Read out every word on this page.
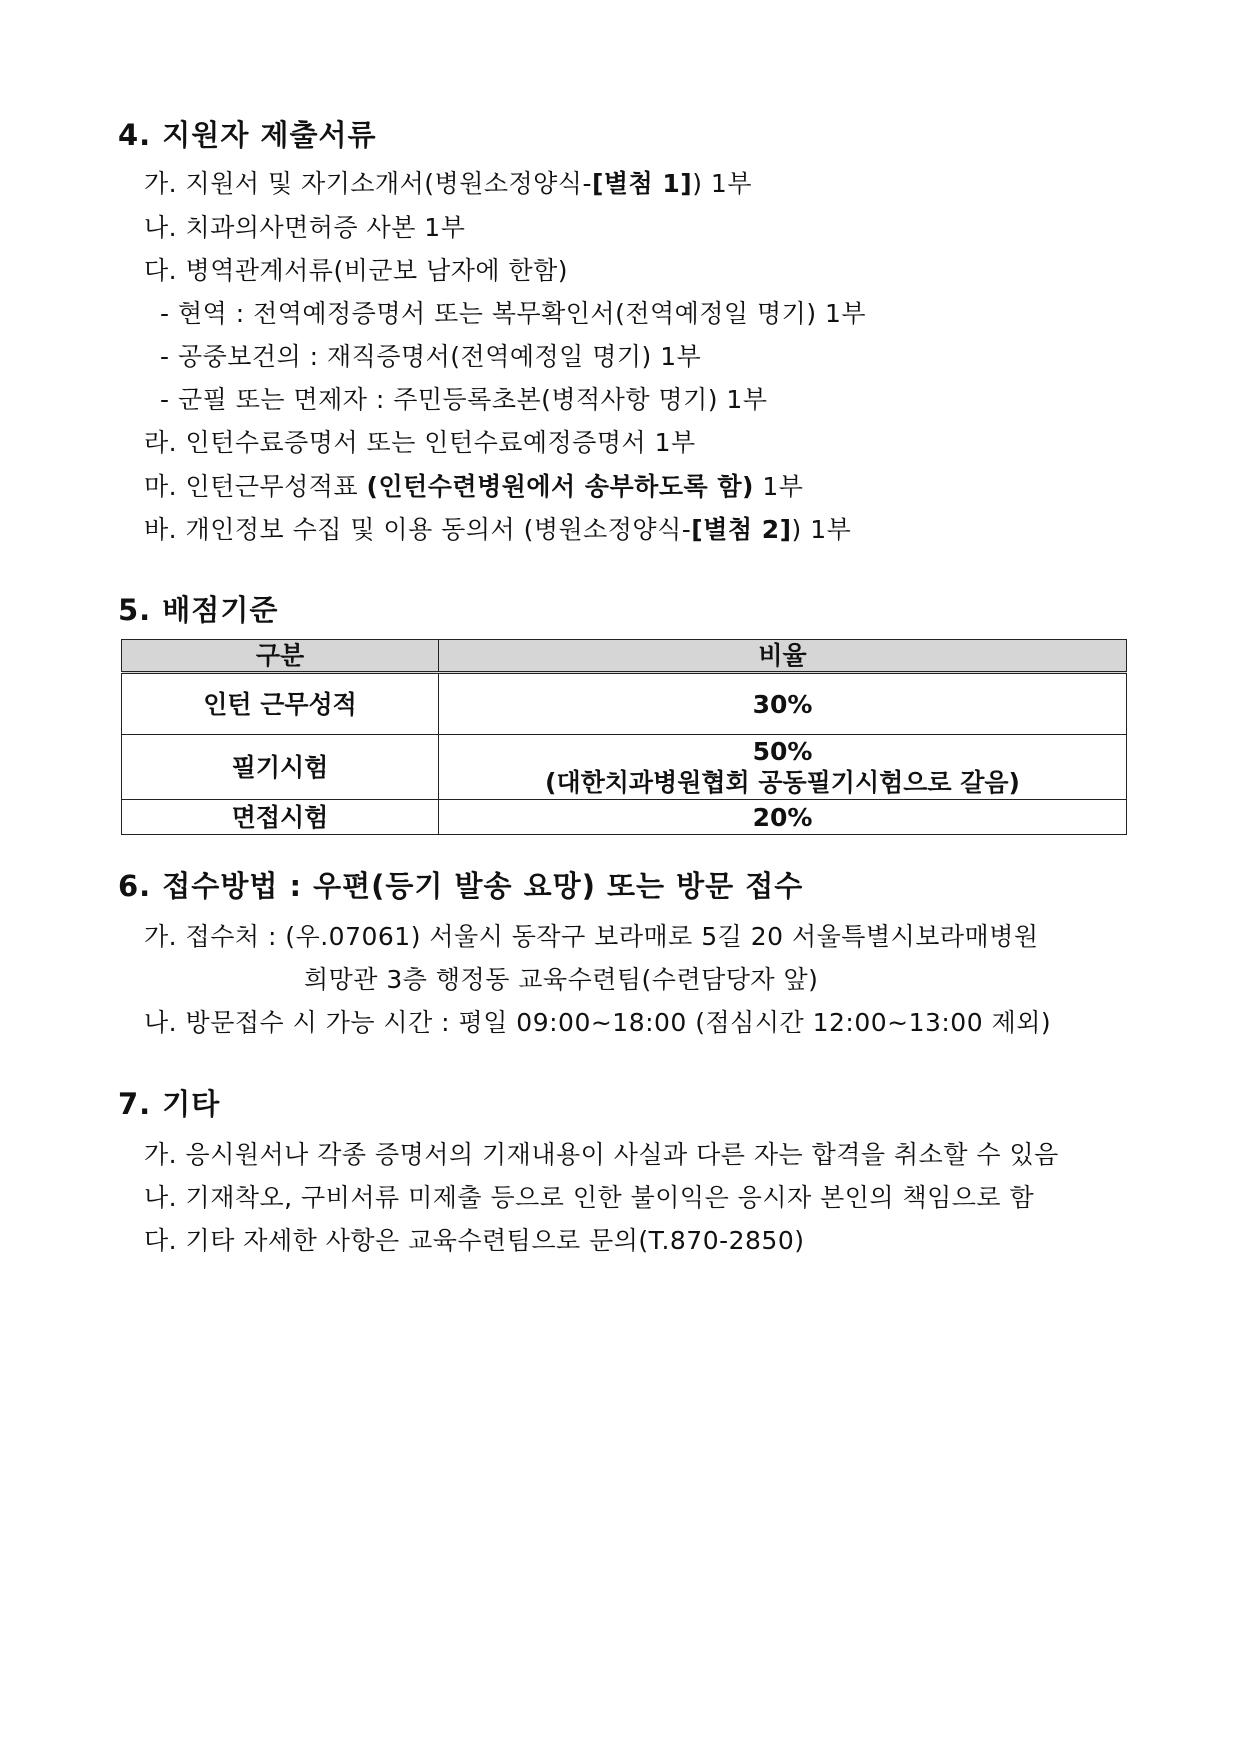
4. 지원자 제출서류
가. 지원서 및 자기소개서(병원소정양식-[별첨 1]) 1부
나. 치과의사면허증 사본 1부
다. 병역관계서류(비군보 남자에 한함)
- 현역 : 전역예정증명서 또는 복무확인서(전역예정일 명기) 1부
- 공중보건의 : 재직증명서(전역예정일 명기) 1부
- 군필 또는 면제자 : 주민등록초본(병적사항 명기) 1부
라. 인턴수료증명서 또는 인턴수료예정증명서 1부
마. 인턴근무성적표 (인턴수련병원에서 송부하도록 함) 1부
바. 개인정보 수집 및 이용 동의서 (병원소정양식-[별첨 2]) 1부
5. 배점기준
구분	비율
인턴 근무성적	30%
필기시험	50%
(대한치과병원협회 공동필기시험으로 갈음)

면접시험	20%
6. 접수방법 : 우편(등기 발송 요망) 또는 방문 접수
가. 접수처 : (우.07061) 서울시 동작구 보라매로 5길 20 서울특별시보라매병원
희망관 3층 행정동 교육수련팀(수련담당자 앞)
나. 방문접수 시 가능 시간 : 평일 09:00~18:00 (점심시간 12:00~13:00 제외)
7. 기타
가. 응시원서나 각종 증명서의 기재내용이 사실과 다른 자는 합격을 취소할 수 있음
나. 기재착오, 구비서류 미제출 등으로 인한 불이익은 응시자 본인의 책임으로 함
다. 기타 자세한 사항은 교육수련팀으로 문의(T.870-2850)
